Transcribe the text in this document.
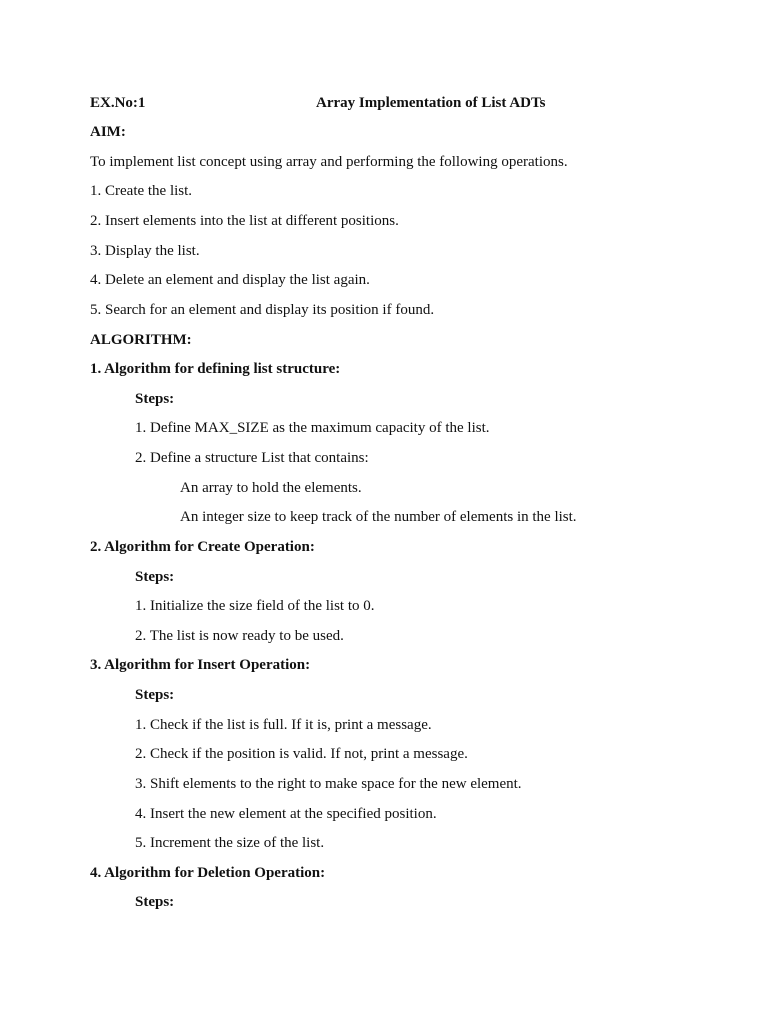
EX.No:1	Array Implementation of List ADTs
AIM:
To implement list concept using array and performing the following operations.
1. Create the list.
2. Insert elements into the list at different positions.
3. Display the list.
4. Delete an element and display the list again.
5. Search for an element and display its position if found.
ALGORITHM:
1. Algorithm for defining list structure:
Steps:
1. Define MAX_SIZE as the maximum capacity of the list.
2. Define a structure List that contains:
An array to hold the elements.
An integer size to keep track of the number of elements in the list.
2. Algorithm for Create Operation:
Steps:
1. Initialize the size field of the list to 0.
2. The list is now ready to be used.
3. Algorithm for Insert Operation:
Steps:
1. Check if the list is full. If it is, print a message.
2. Check if the position is valid. If not, print a message.
3. Shift elements to the right to make space for the new element.
4. Insert the new element at the specified position.
5. Increment the size of the list.
4. Algorithm for Deletion Operation:
Steps:
